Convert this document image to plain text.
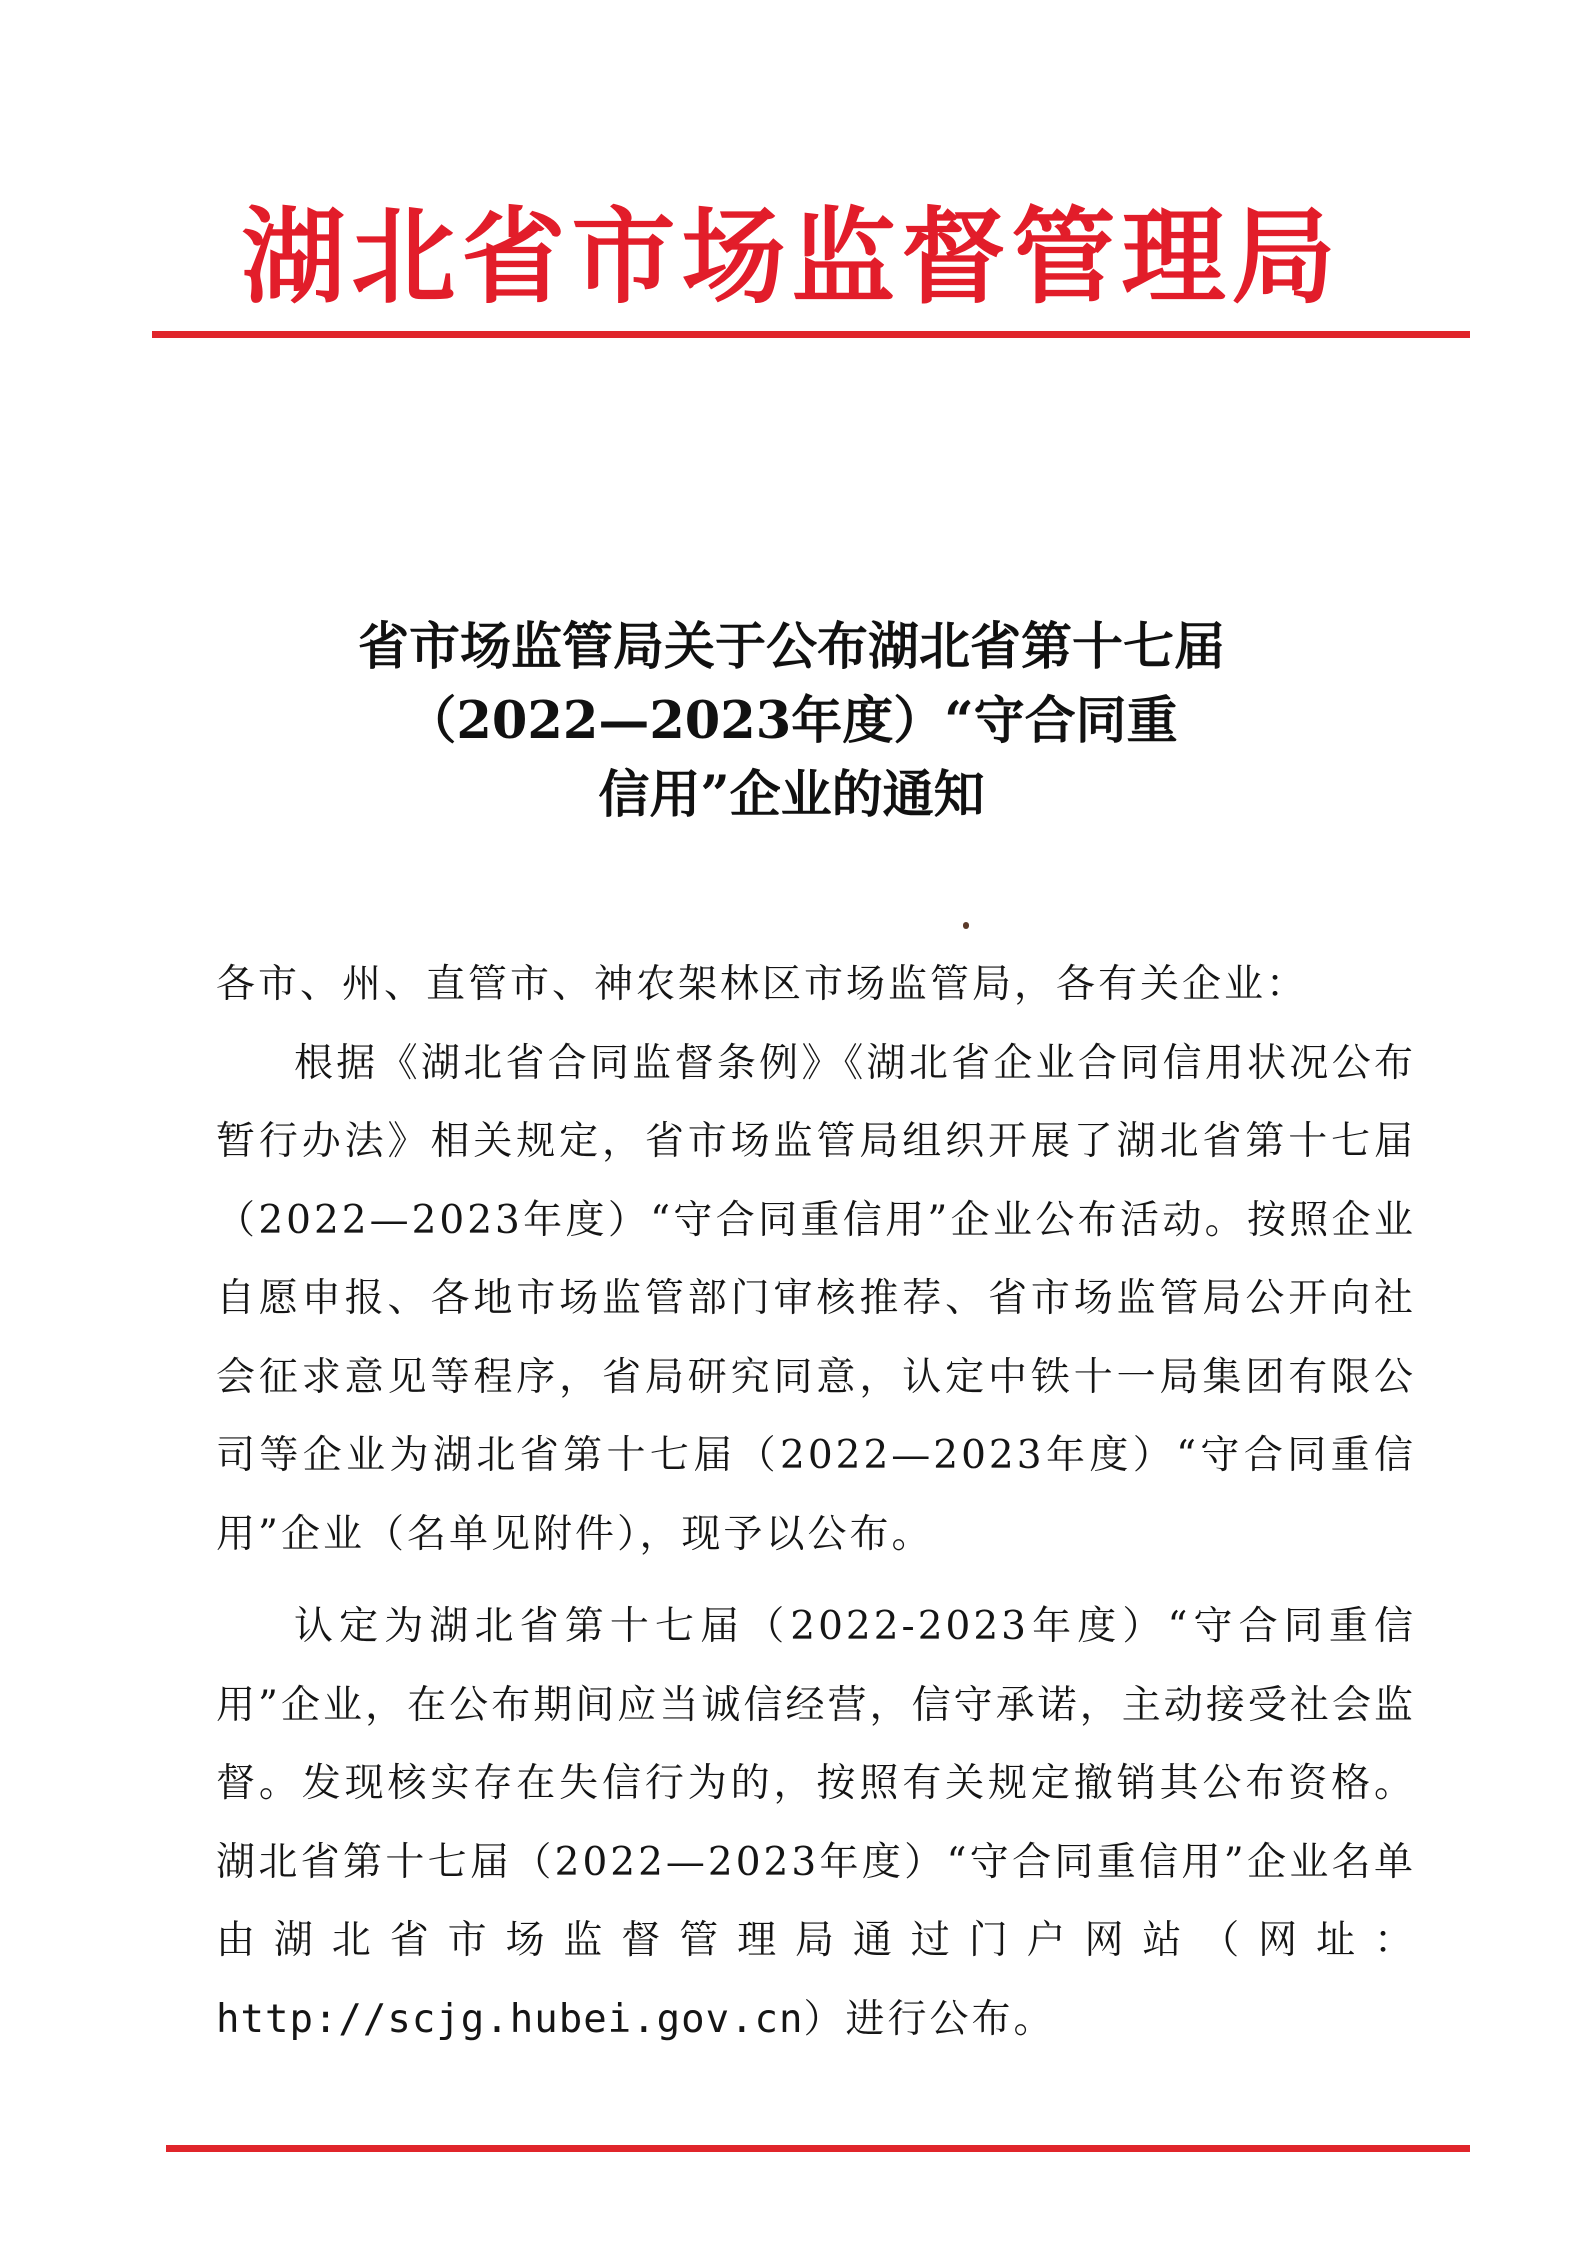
湖北省市场监督管理局
省市场监管局关于公布湖北省第十七届
（2022—2023年度）“守合同重
信用”企业的通知

各市、州、直管市、神农架林区市场监管局，各有关企业：

根据《湖北省合同监督条例》《湖北省企业合同信用状况公布暂行办法》相关规定，省市场监管局组织开展了湖北省第十七届（2022—2023年度）“守合同重信用”企业公布活动。按照企业自愿申报、各地市场监管部门审核推荐、省市场监管局公开向社会征求意见等程序，省局研究同意，认定中铁十一局集团有限公司等企业为湖北省第十七届（2022—2023年度）“守合同重信用”企业（名单见附件），现予以公布。

认定为湖北省第十七届（2022-2023年度）“守合同重信用”企业，在公布期间应当诚信经营，信守承诺，主动接受社会监督。发现核实存在失信行为的，按照有关规定撤销其公布资格。湖北省第十七届（2022—2023年度）“守合同重信用”企业名单由湖北省市场监督管理局通过门户网站（网址：http://scjg.hubei.gov.cn）进行公布。
